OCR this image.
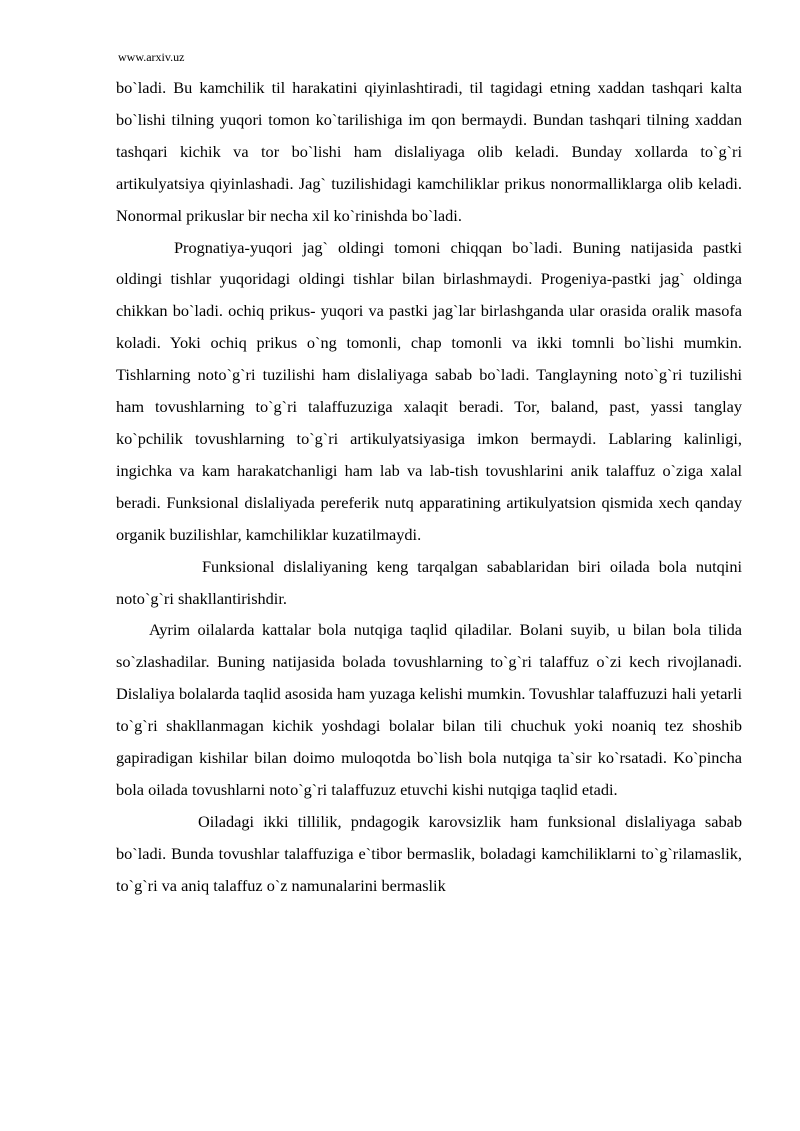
www.arxiv.uz

bo`ladi. Bu kamchilik til harakatini qiyinlashtiradi, til tagidagi etning xaddan tashqari kalta bo`lishi tilning yuqori tomon ko`tarilishiga im qon bermaydi. Bundan tashqari tilning xaddan tashqari kichik va tor bo`lishi ham dislaliyaga olib keladi. Bunday xollarda to`g`ri artikulyatsiya qiyinlashadi. Jag` tuzilishidagi kamchiliklar prikus nonormalliklarga olib keladi. Nonormal prikuslar bir necha xil ko`rinishda bo`ladi.

Prognatiya-yuqori jag` oldingi tomoni chiqqan bo`ladi. Buning natijasida pastki oldingi tishlar yuqoridagi oldingi tishlar bilan birlashmaydi. Progeniya-pastki jag` oldinga chikkan bo`ladi. ochiq prikus- yuqori va pastki jag`lar birlashganda ular orasida oralik masofa koladi. Yoki ochiq prikus o`ng tomonli, chap tomonli va ikki tomnli bo`lishi mumkin. Tishlarning noto`g`ri tuzilishi ham dislaliyaga sabab bo`ladi. Tanglayning noto`g`ri tuzilishi ham tovushlarning to`g`ri talaffuzuziga xalaqit beradi. Tor, baland, past, yassi tanglay ko`pchilik tovushlarning to`g`ri artikulyatsiyasiga imkon bermaydi. Lablaring kalinligi, ingichka va kam harakatchanligi ham lab va lab-tish tovushlarini anik talaffuz o`ziga xalal beradi. Funksional dislaliyada pereferik nutq apparatining artikulyatsion qismida xech qanday organik buzilishlar, kamchiliklar kuzatilmaydi.

Funksional dislaliyaning keng tarqalgan sabablaridan biri oilada bola nutqini noto`g`ri shakllantirishdir.

Ayrim oilalarda kattalar bola nutqiga taqlid qiladilar. Bolani suyib, u bilan bola tilida so`zlashadilar. Buning natijasida bolada tovushlarning to`g`ri talaffuz o`zi kech rivojlanadi. Dislaliya bolalarda taqlid asosida ham yuzaga kelishi mumkin. Tovushlar talaffuzuzi hali yetarli to`g`ri shakllanmagan kichik yoshdagi bolalar bilan tili chuchuk yoki noaniq tez shoshib gapiradigan kishilar bilan doimo muloqotda bo`lish bola nutqiga ta`sir ko`rsatadi. Ko`pincha bola oilada tovushlarni noto`g`ri talaffuzuz etuvchi kishi nutqiga taqlid etadi.

Oiladagi ikki tillilik, pndagogik karovsizlik ham funksional dislaliyaga sabab bo`ladi. Bunda tovushlar talaffuziga e`tibor bermaslik, boladagi kamchiliklarni to`g`rilamaslik, to`g`ri va aniq talaffuz o`z namunalarini bermaslik
